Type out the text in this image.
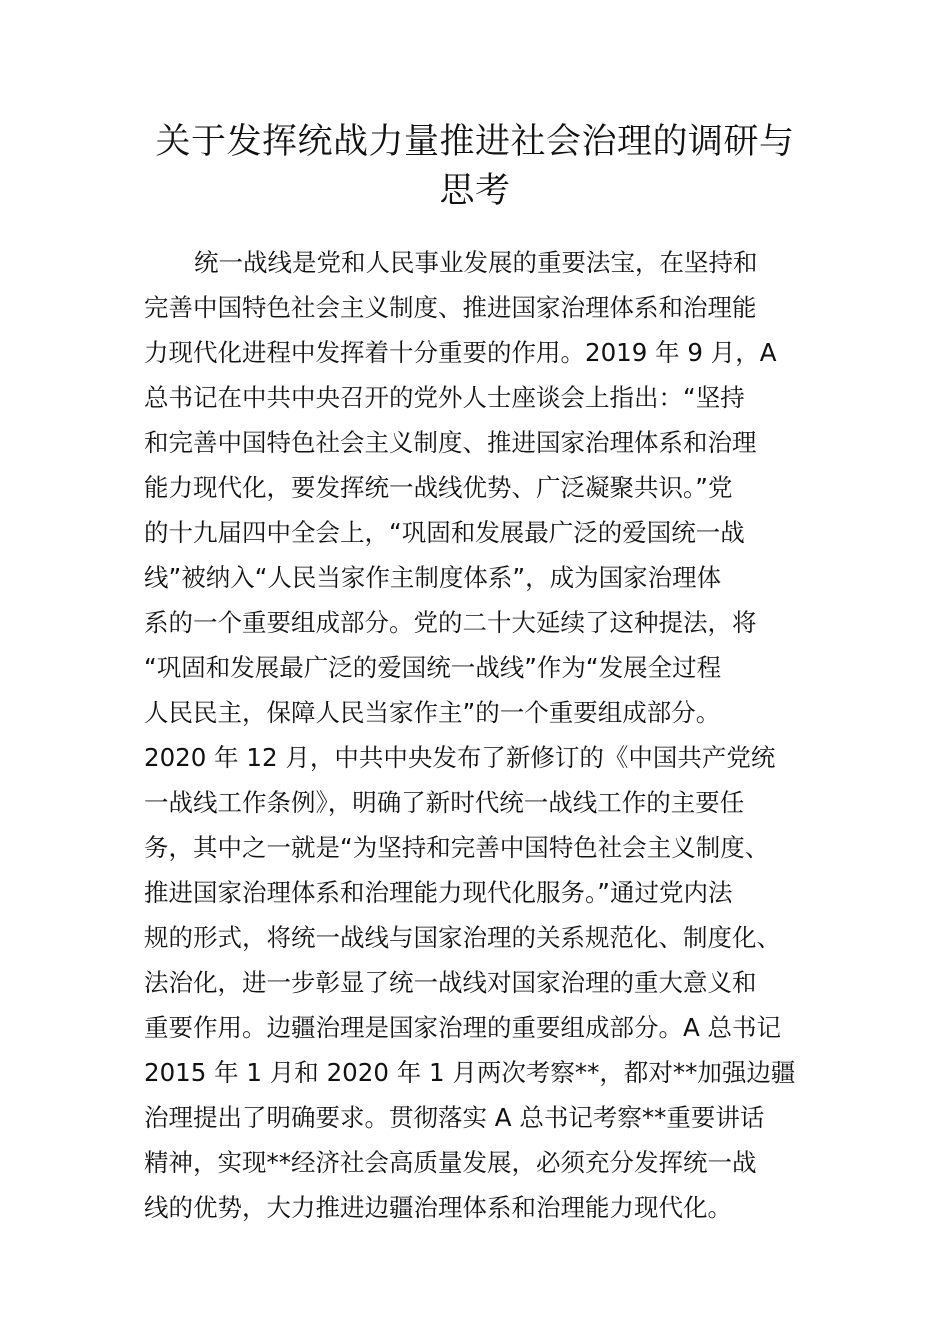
关于发挥统战力量推进社会治理的调研与
思考
统一战线是党和人民事业发展的重要法宝，在坚持和
完善中国特色社会主义制度、推进国家治理体系和治理能
力现代化进程中发挥着十分重要的作用。2019 年 9 月，A
总书记在中共中央召开的党外人士座谈会上指出：“坚持
和完善中国特色社会主义制度、推进国家治理体系和治理
能力现代化，要发挥统一战线优势、广泛凝聚共识。”党
的十九届四中全会上，“巩固和发展最广泛的爱国统一战
线”被纳入“人民当家作主制度体系”，成为国家治理体
系的一个重要组成部分。党的二十大延续了这种提法，将
“巩固和发展最广泛的爱国统一战线”作为“发展全过程
人民民主，保障人民当家作主”的一个重要组成部分。
2020 年 12 月，中共中央发布了新修订的《中国共产党统
一战线工作条例》，明确了新时代统一战线工作的主要任
务，其中之一就是“为坚持和完善中国特色社会主义制度、
推进国家治理体系和治理能力现代化服务。”通过党内法
规的形式，将统一战线与国家治理的关系规范化、制度化、
法治化，进一步彰显了统一战线对国家治理的重大意义和
重要作用。边疆治理是国家治理的重要组成部分。A 总书记
2015 年 1 月和 2020 年 1 月两次考察**，都对**加强边疆
治理提出了明确要求。贯彻落实 A 总书记考察**重要讲话
精神，实现**经济社会高质量发展，必须充分发挥统一战
线的优势，大力推进边疆治理体系和治理能力现代化。
